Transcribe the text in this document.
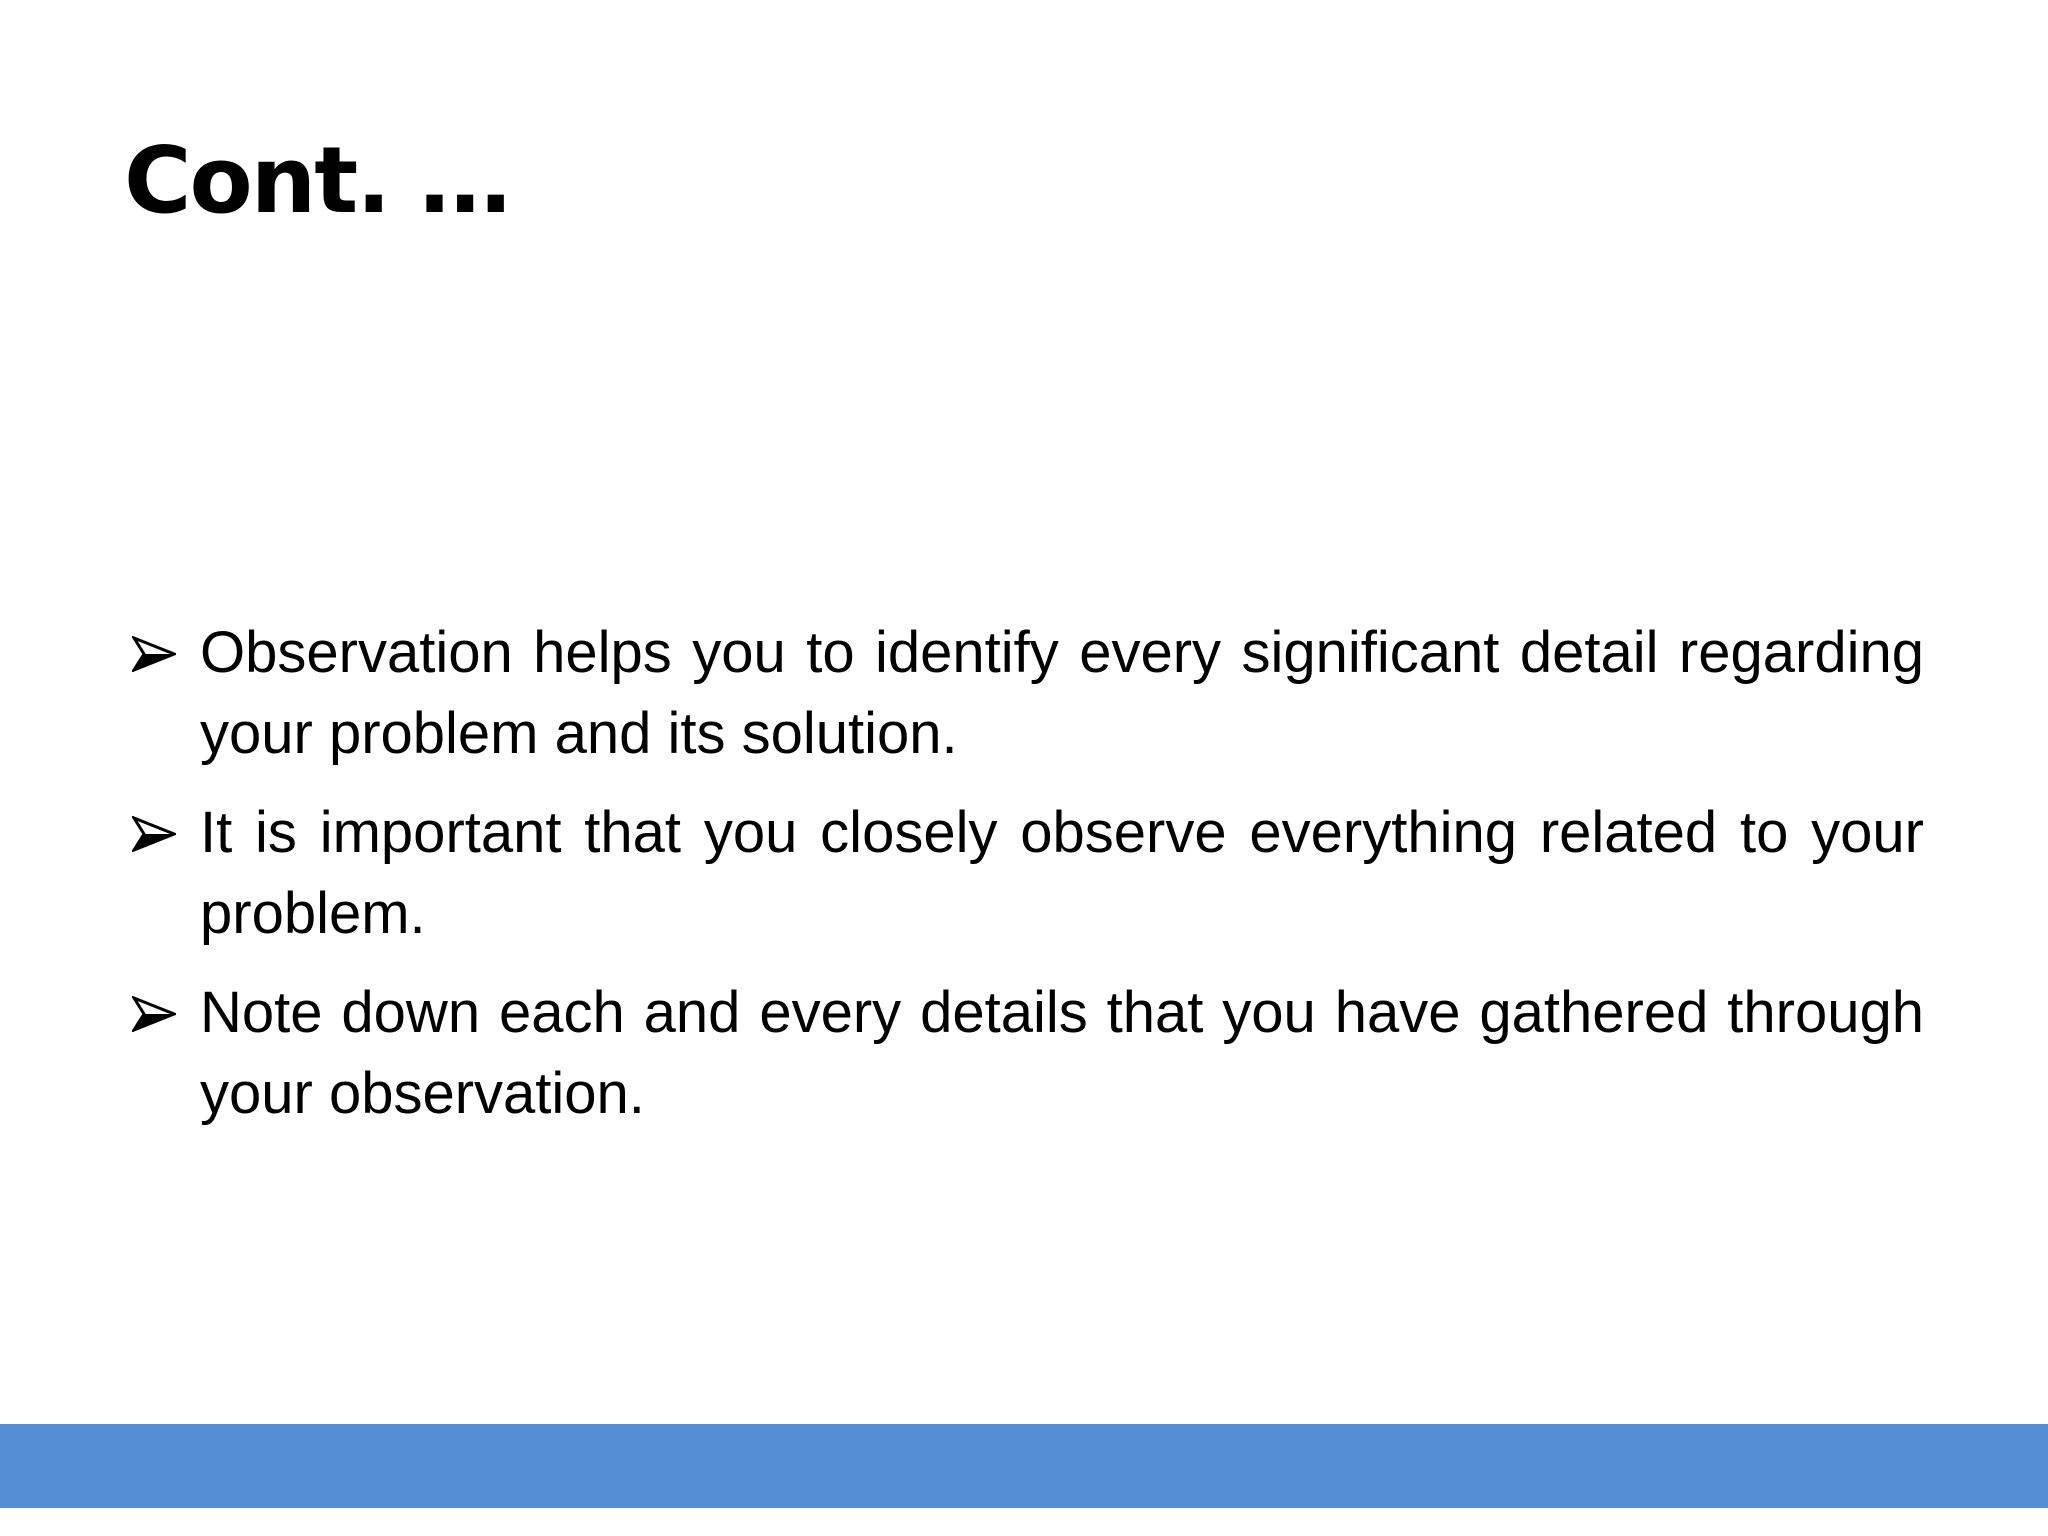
Cont. …
Observation helps you to identify every significant detail regarding your problem and its solution.
It is important that you closely observe everything related to your problem.
Note down each and every details that you have gathered through your observation.
